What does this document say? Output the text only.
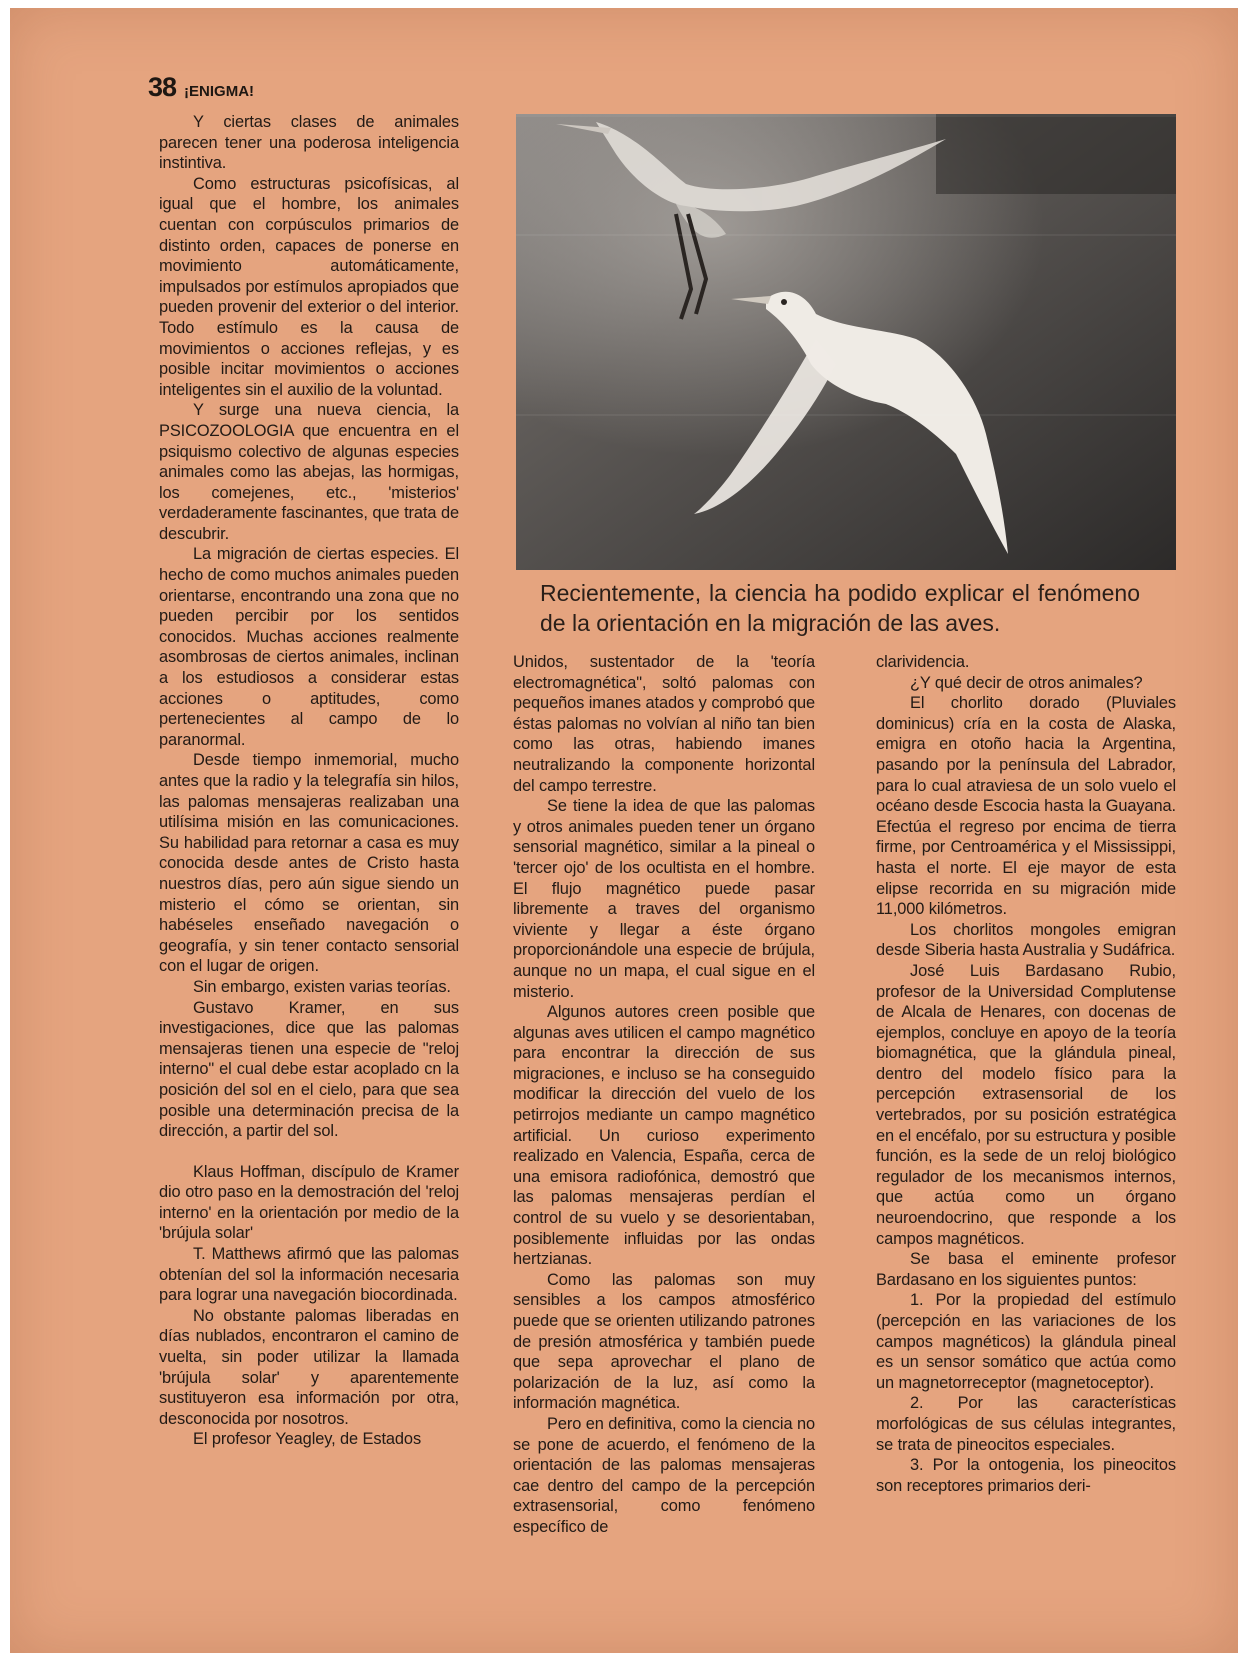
38 ¡ENIGMA!
Recientemente, la ciencia ha podido explicar el fenómeno de la orientación en la migración de las aves.

Y ciertas clases de animales parecen tener una poderosa inteligencia instintiva.

Como estructuras psicofísicas, al igual que el hombre, los animales cuentan con corpúsculos primarios de distinto orden, capaces de ponerse en movimiento automáticamente, impulsados por estímulos apropiados que pueden provenir del exterior o del interior. Todo estímulo es la causa de movimientos o acciones reflejas, y es posible incitar movimientos o acciones inteligentes sin el auxilio de la voluntad.

Y surge una nueva ciencia, la PSICOZOOLOGIA que encuentra en el psiquismo colectivo de algunas especies animales como las abejas, las hormigas, los comejenes, etc., 'misterios' verdaderamente fascinantes, que trata de descubrir.

La migración de ciertas especies. El hecho de como muchos animales pueden orientarse, encontrando una zona que no pueden percibir por los sentidos conocidos. Muchas acciones realmente asombrosas de ciertos animales, inclinan a los estudiosos a considerar estas acciones o aptitudes, como pertenecientes al campo de lo paranormal.

Desde tiempo inmemorial, mucho antes que la radio y la telegrafía sin hilos, las palomas mensajeras realizaban una utilísima misión en las comunicaciones. Su habilidad para retornar a casa es muy conocida desde antes de Cristo hasta nuestros días, pero aún sigue siendo un misterio el cómo se orientan, sin habéseles enseñado navegación o geografía, y sin tener contacto sensorial con el lugar de origen.

Sin embargo, existen varias teorías.

Gustavo Kramer, en sus investigaciones, dice que las palomas mensajeras tienen una especie de "reloj interno" el cual debe estar acoplado cn la posición del sol en el cielo, para que sea posible una determinación precisa de la dirección, a partir del sol.

Klaus Hoffman, discípulo de Kramer dio otro paso en la demostración del 'reloj interno' en la orientación por medio de la 'brújula solar'

T. Matthews afirmó que las palomas obtenían del sol la información necesaria para lograr una navegación biocordinada.

No obstante palomas liberadas en días nublados, encontraron el camino de vuelta, sin poder utilizar la llamada 'brújula solar' y aparentemente sustituyeron esa información por otra, desconocida por nosotros.

El profesor Yeagley, de Estados

Unidos, sustentador de la 'teoría electromagnética", soltó palomas con pequeños imanes atados y comprobó que éstas palomas no volvían al niño tan bien como las otras, habiendo imanes neutralizando la componente horizontal del campo terrestre.

Se tiene la idea de que las palomas y otros animales pueden tener un órgano sensorial magnético, similar a la pineal o 'tercer ojo' de los ocultista en el hombre. El flujo magnético puede pasar libremente a traves del organismo viviente y llegar a éste órgano proporcionándole una especie de brújula, aunque no un mapa, el cual sigue en el misterio.

Algunos autores creen posible que algunas aves utilicen el campo magnético para encontrar la dirección de sus migraciones, e incluso se ha conseguido modificar la dirección del vuelo de los petirrojos mediante un campo magnético artificial. Un curioso experimento realizado en Valencia, España, cerca de una emisora radiofónica, demostró que las palomas mensajeras perdían el control de su vuelo y se desorientaban, posiblemente influidas por las ondas hertzianas.

Como las palomas son muy sensibles a los campos atmosférico puede que se orienten utilizando patrones de presión atmosférica y también puede que sepa aprovechar el plano de polarización de la luz, así como la información magnética.

Pero en definitiva, como la ciencia no se pone de acuerdo, el fenómeno de la orientación de las palomas mensajeras cae dentro del campo de la percepción extrasensorial, como fenómeno específico de

clarividencia.

¿Y qué decir de otros animales?

El chorlito dorado (Pluviales dominicus) cría en la costa de Alaska, emigra en otoño hacia la Argentina, pasando por la península del Labrador, para lo cual atraviesa de un solo vuelo el océano desde Escocia hasta la Guayana. Efectúa el regreso por encima de tierra firme, por Centroamérica y el Mississippi, hasta el norte. El eje mayor de esta elipse recorrida en su migración mide 11,000 kilómetros.

Los chorlitos mongoles emigran desde Siberia hasta Australia y Sudáfrica.

José Luis Bardasano Rubio, profesor de la Universidad Complutense de Alcala de Henares, con docenas de ejemplos, concluye en apoyo de la teoría biomagnética, que la glándula pineal, dentro del modelo físico para la percepción extrasensorial de los vertebrados, por su posición estratégica en el encéfalo, por su estructura y posible función, es la sede de un reloj biológico regulador de los mecanismos internos, que actúa como un órgano neuroendocrino, que responde a los campos magnéticos.

Se basa el eminente profesor Bardasano en los siguientes puntos:

1. Por la propiedad del estímulo (percepción en las variaciones de los campos magnéticos) la glándula pineal es un sensor somático que actúa como un magnetorreceptor (magnetoceptor).

2. Por las características morfológicas de sus células integrantes, se trata de pineocitos especiales.

3. Por la ontogenia, los pineocitos son receptores primarios deri-
